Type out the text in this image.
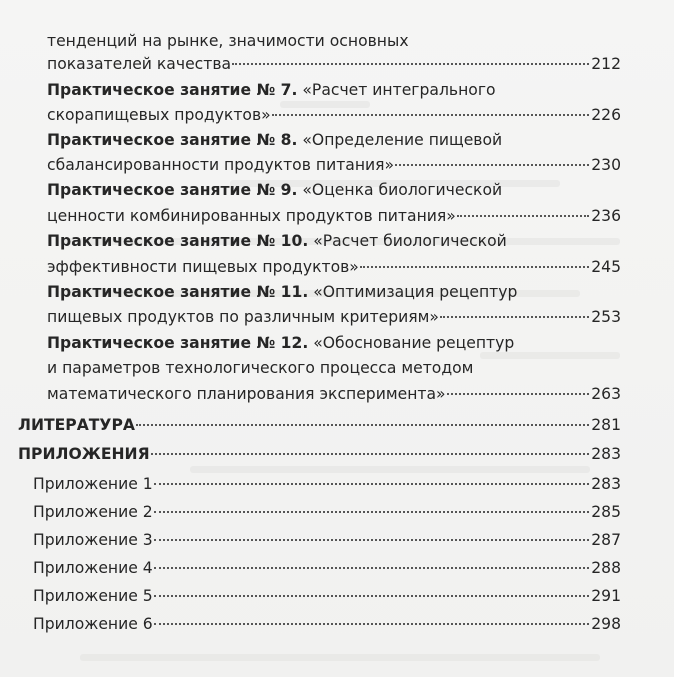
тенденций на рынке, значимости основных
показателей качества	212
Практическое занятие № 7. «Расчет интегрального
скорапищевых продуктов»	226
Практическое занятие № 8. «Определение пищевой
сбалансированности продуктов питания»	230
Практическое занятие № 9. «Оценка биологической
ценности комбинированных продуктов питания»	236
Практическое занятие № 10. «Расчет биологической
эффективности пищевых продуктов»	245
Практическое занятие № 11. «Оптимизация рецептур
пищевых продуктов по различным критериям»	253
Практическое занятие № 12. «Обоснование рецептур
и параметров технологического процесса методом
математического планирования эксперимента»	263
ЛИТЕРАТУРА	281
ПРИЛОЖЕНИЯ	283
Приложение 1	283
Приложение 2	285
Приложение 3	287
Приложение 4	288
Приложение 5	291
Приложение 6	298
